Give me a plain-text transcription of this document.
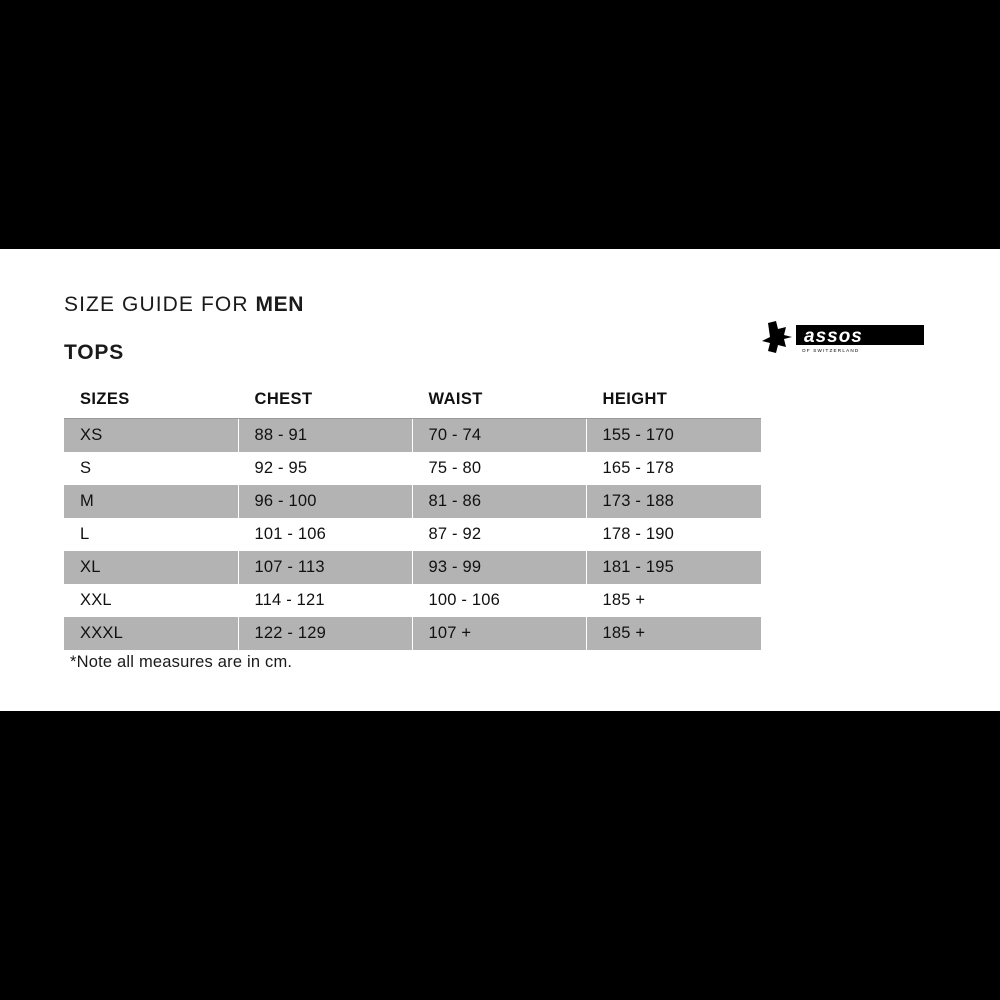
SIZE GUIDE FOR MEN
TOPS
assos
OF SWITZERLAND
®
SIZES	CHEST	WAIST	HEIGHT
XS	88 - 91	70 - 74	155 - 170
S	92 - 95	75 - 80	165 - 178
M	96 - 100	81 - 86	173 - 188
L	101 - 106	87 - 92	178 - 190
XL	107 - 113	93 - 99	181 - 195
XXL	114 - 121	100 - 106	185 +
XXXL	122 - 129	107 +	185 +
*Note all measures are in cm.
